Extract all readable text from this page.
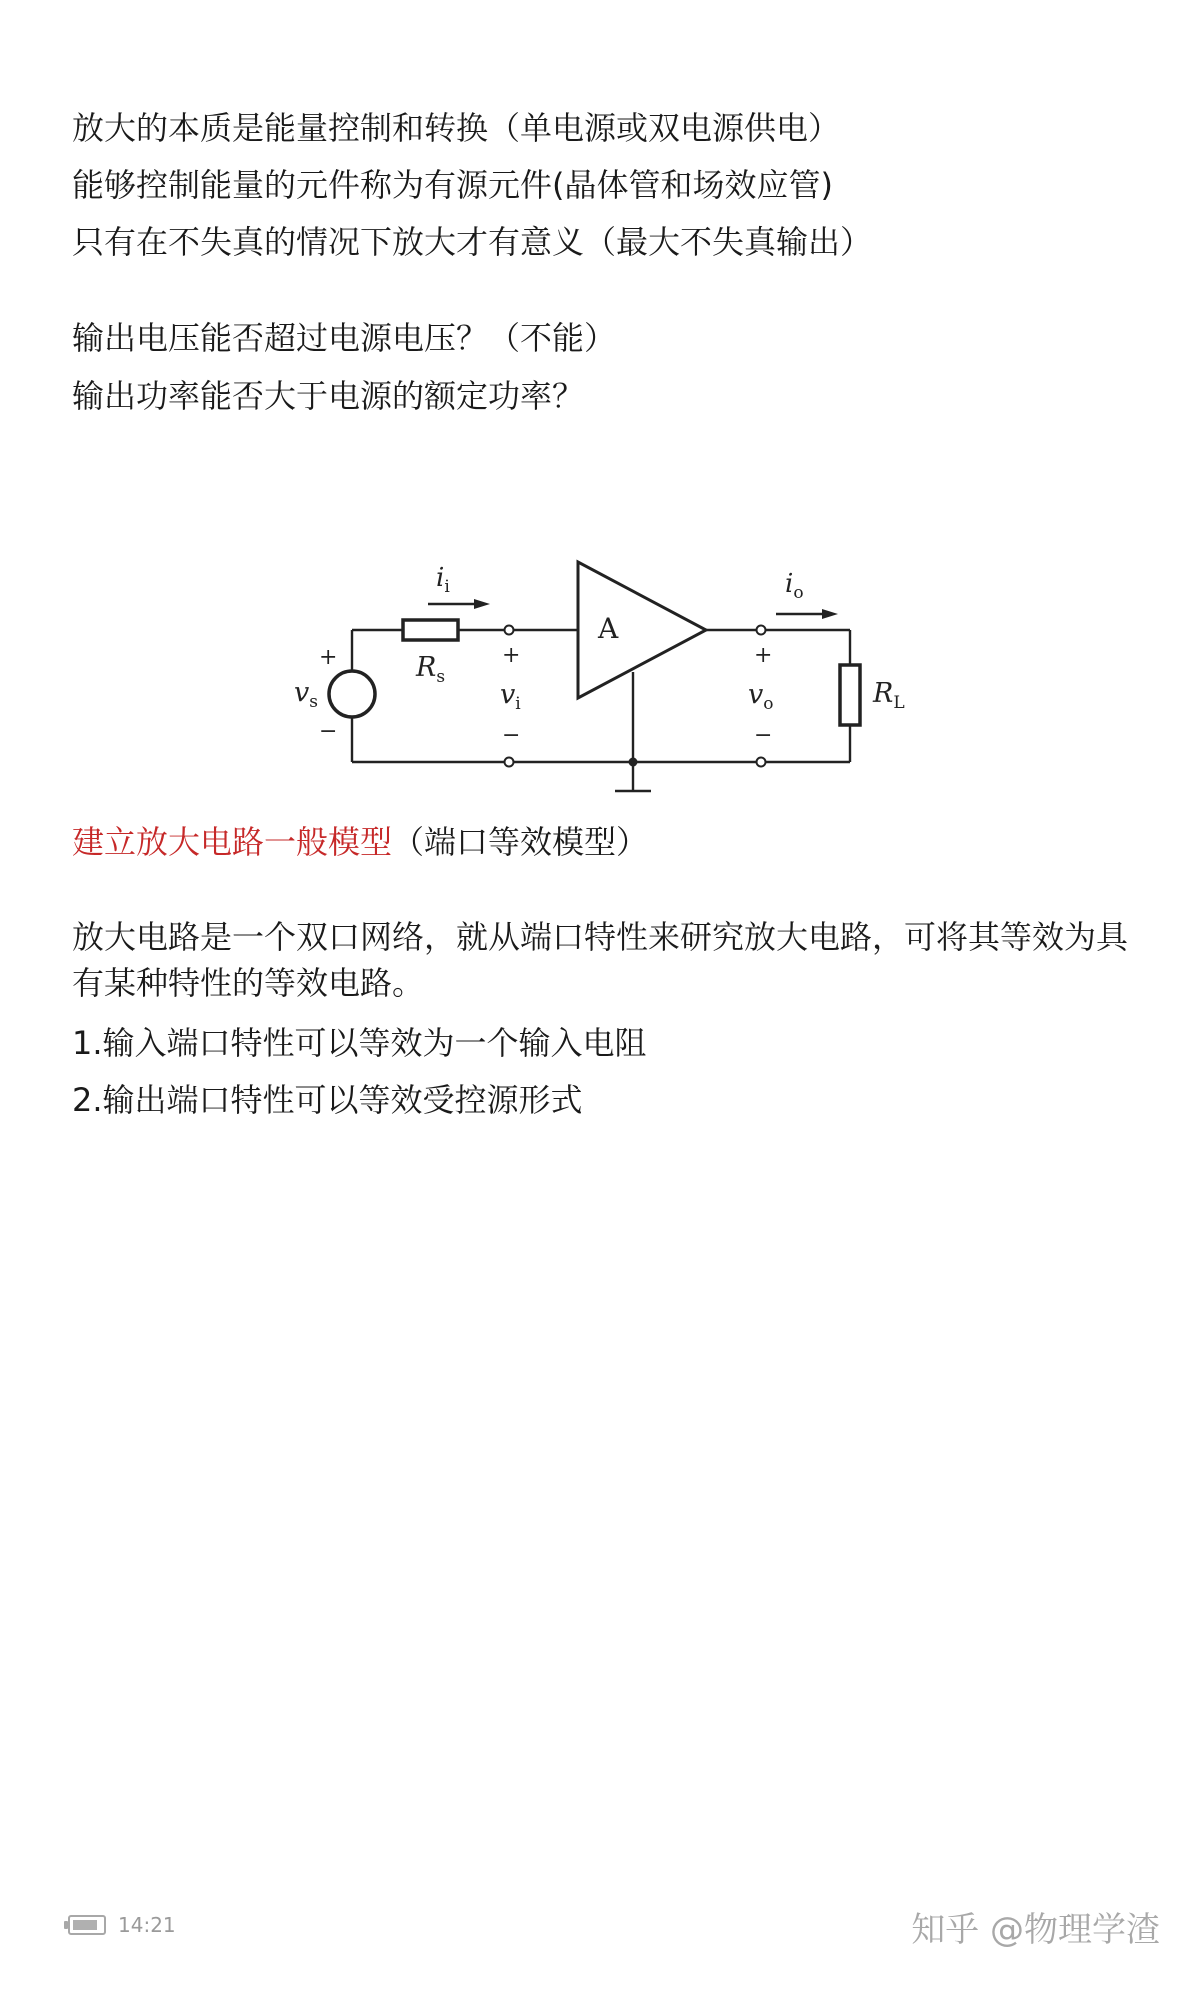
放大的本质是能量控制和转换（单电源或双电源供电）

能够控制能量的元件称为有源元件(晶体管和场效应管)

只有在不失真的情况下放大才有意义（最大不失真输出）

输出电压能否超过电源电压？（不能）

输出功率能否大于电源的额定功率？

$i_i$	$i_o$
$R_s$
$v_s$	$v_i$	$v_o$	$R_L$
A
+
−
+
−
+
−

建立放大电路一般模型（端口等效模型）

放大电路是一个双口网络，就从端口特性来研究放大电路，可将其等效为具有某种特性的等效电路。

1.输入端口特性可以等效为一个输入电阻

2.输出端口特性可以等效受控源形式

14:21	知乎 @物理学渣
